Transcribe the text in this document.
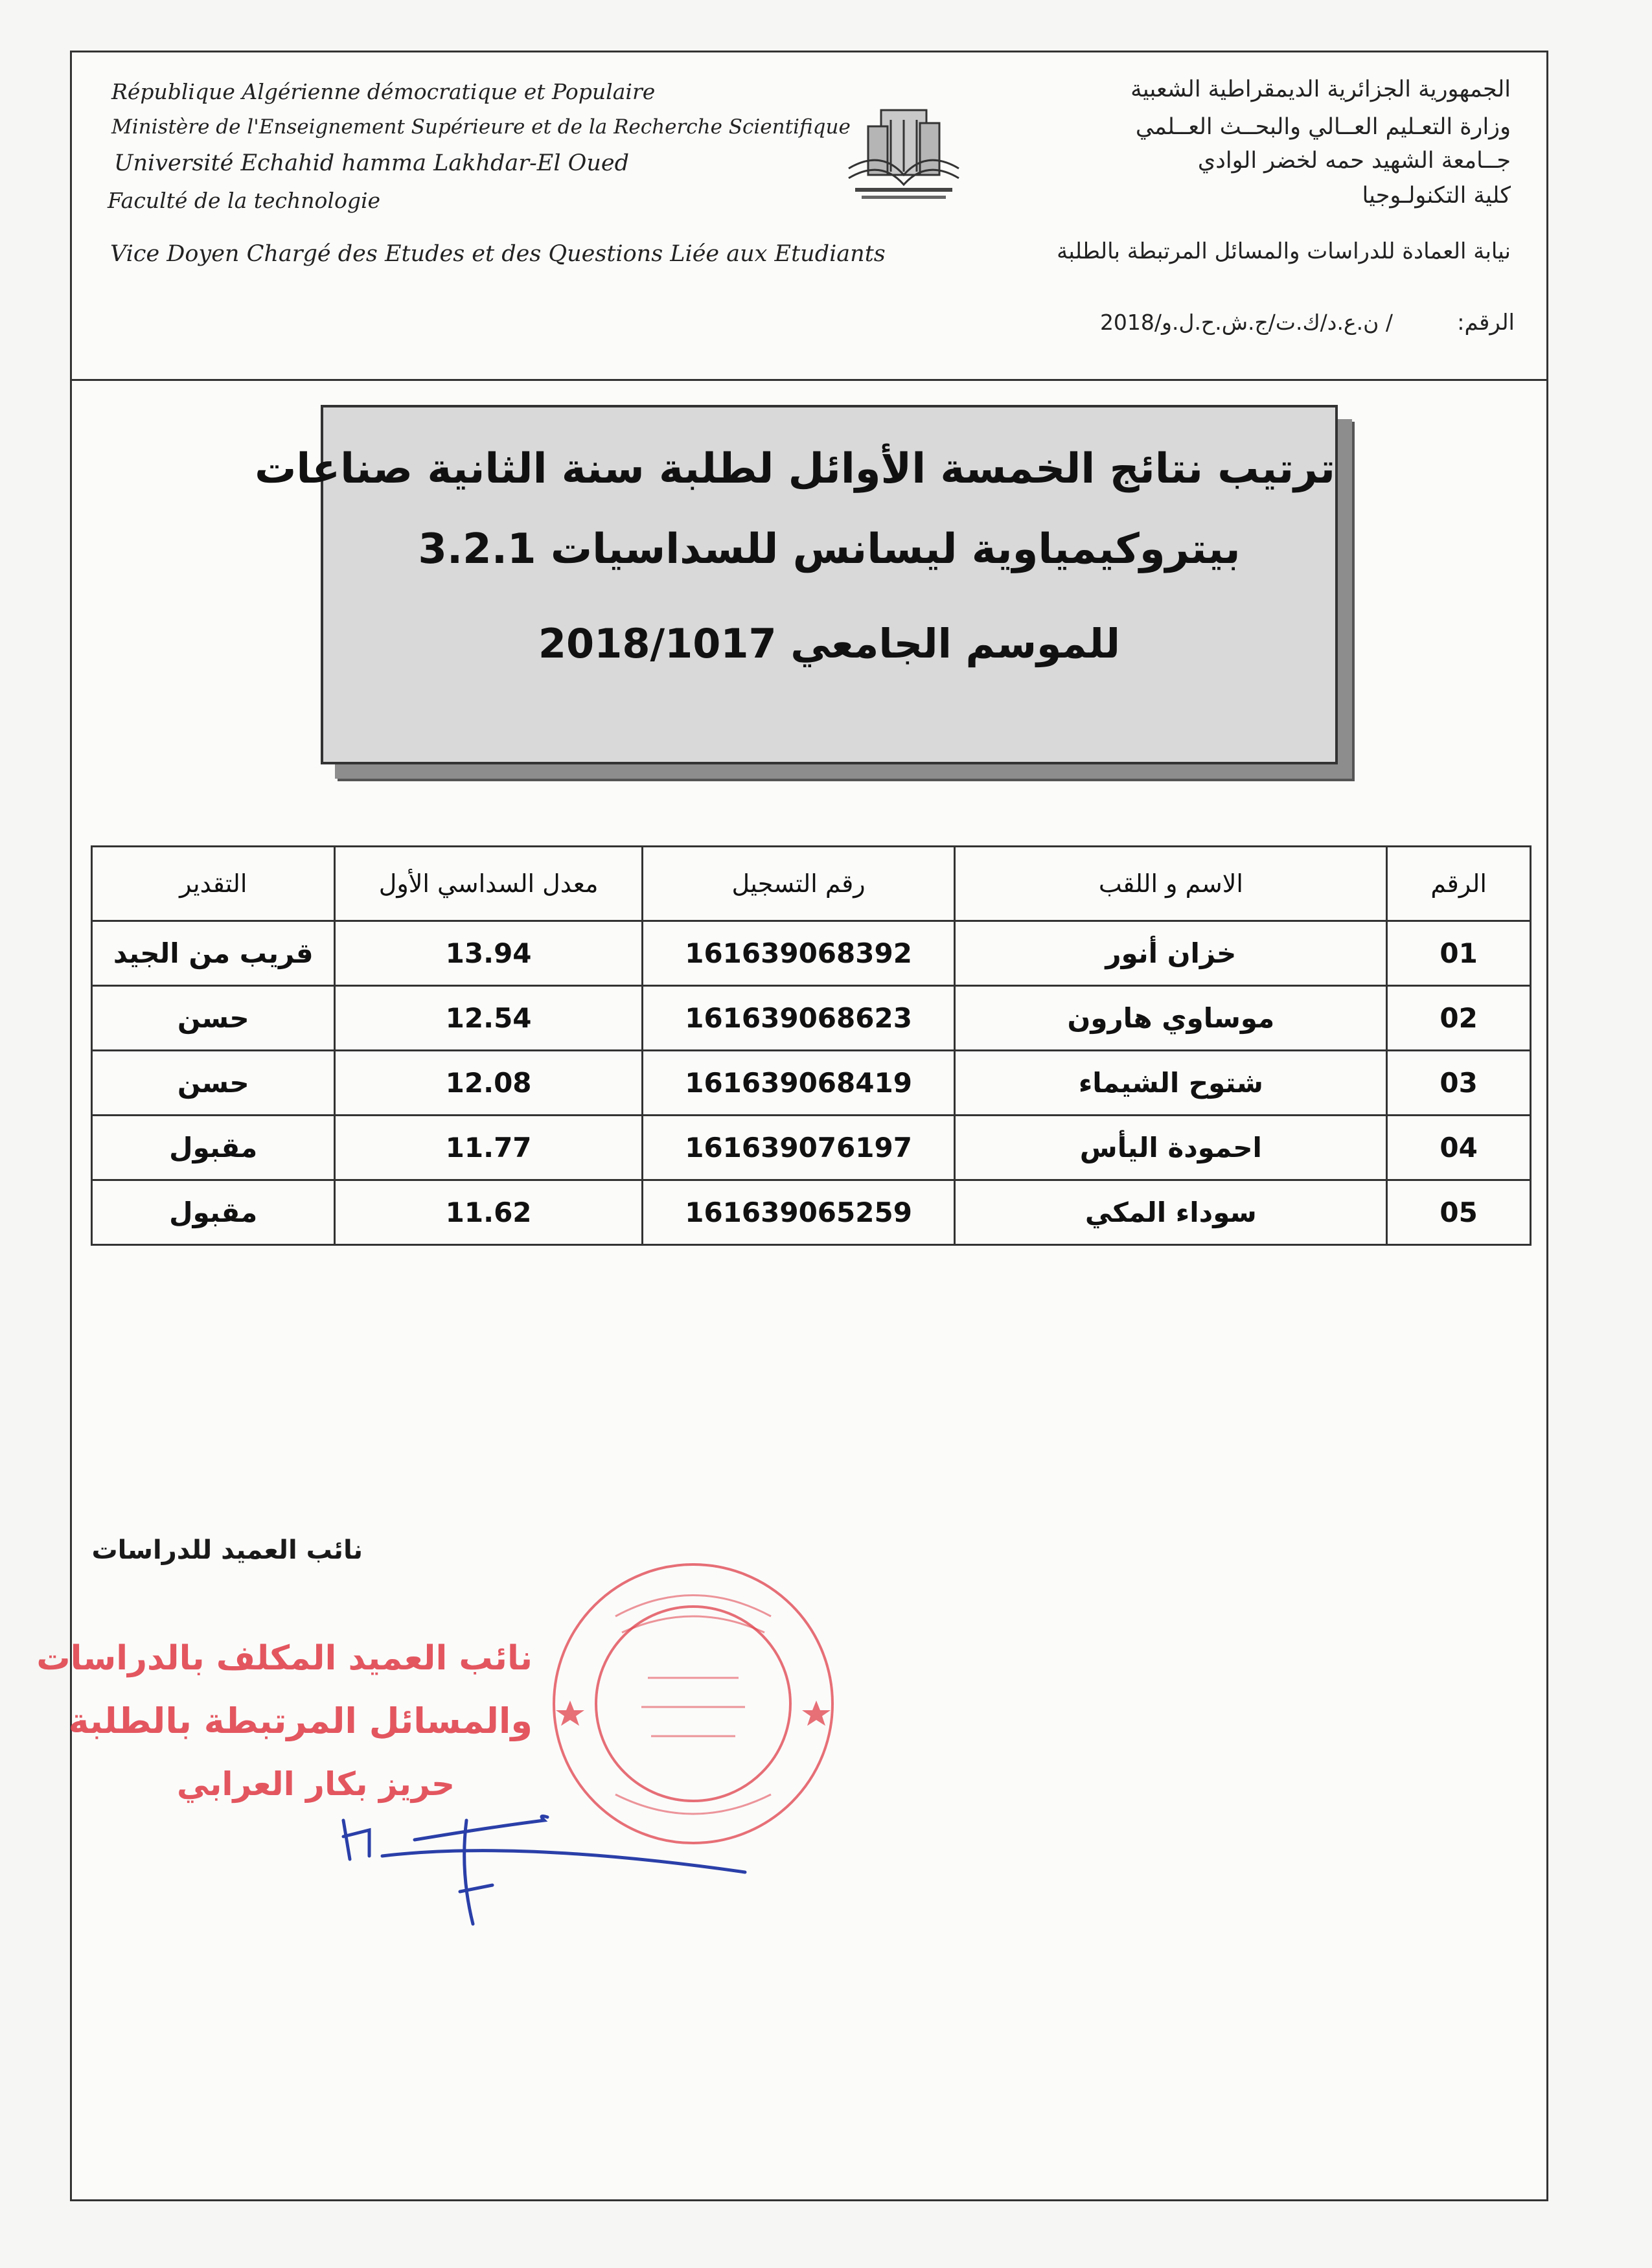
République Algérienne démocratique et Populaire
Ministère de l'Enseignement Supérieure et de la Recherche Scientifique
Université Echahid hamma Lakhdar-El Oued
Faculté de la technologie
Vice Doyen Chargé des Etudes et des Questions Liée aux Etudiants
الجمهورية الجزائرية الديمقراطية الشعبية
وزارة التعـليم العــالي والبحــث العــلمي
جــامعة الشهيد حمه لخضر الوادي
كلية التكنولـوجيا
نيابة العمادة للدراسات والمسائل المرتبطة بالطلبة
الرقم:
/ ن.ع.د/ك.ت/ج.ش.ح.ل.و/2018
ترتيب نتائج الخمسة الأوائل لطلبة سنة الثانية صناعات
بيتروكيمياوية ليسانس للسداسيات 3.2.1
للموسم الجامعي 2018/1017
الرقم	الاسم و اللقب	رقم التسجيل	معدل السداسي الأول	التقدير
01	خزان أنور	161639068392	13.94	قريب من الجيد
02	موساوي هارون	161639068623	12.54	حسن
03	شتوح الشيماء	161639068419	12.08	حسن
04	احمودة اليأس	161639076197	11.77	مقبول
05	سوداء المكي	161639065259	11.62	مقبول
نائب العميد للدراسات
نائب العميد المكلف بالدراسات
والمسائل المرتبطة بالطلبة
حريز بكار العرابي
